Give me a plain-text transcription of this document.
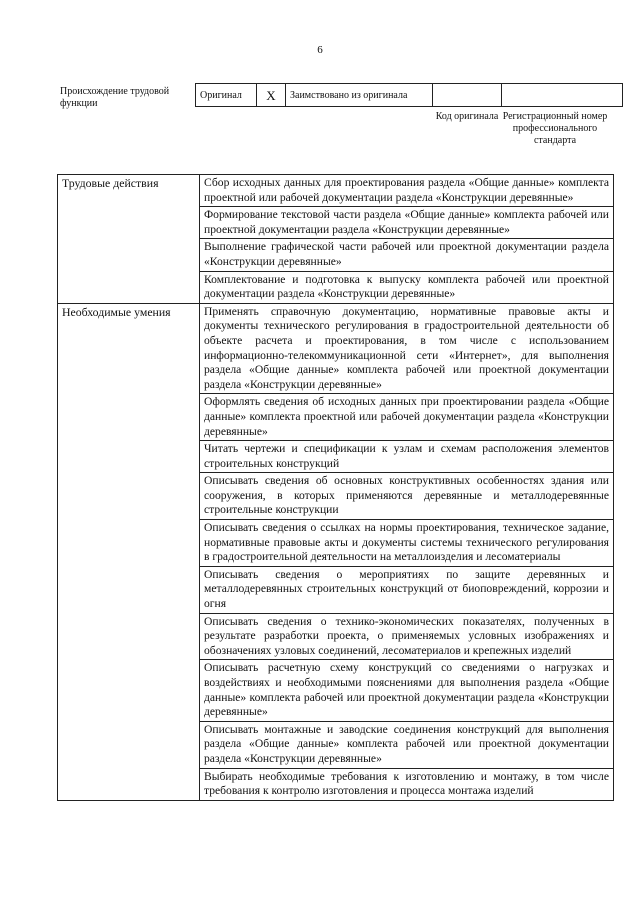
6
Происхождение трудовой функции
Оригинал	X	Заимствовано из оригинала		
Код оригинала Регистрационный номер профессионального стандарта
Трудовые действия	Сбор исходных данных для проектирования раздела «Общие данные» комплекта проектной или рабочей документации раздела «Конструкции деревянные»
	Формирование текстовой части раздела «Общие данные» комплекта рабочей или проектной документации раздела «Конструкции деревянные»
	Выполнение графической части рабочей или проектной документации раздела «Конструкции деревянные»
	Комплектование и подготовка к выпуску комплекта рабочей или проектной документации раздела «Конструкции деревянные»
Необходимые умения	Применять справочную документацию, нормативные правовые акты и документы технического регулирования в градостроительной деятельности об объекте расчета и проектирования, в том числе с использованием информационно-телекоммуникационной сети «Интернет», для выполнения раздела «Общие данные» комплекта рабочей или проектной документации раздела «Конструкции деревянные»
	Оформлять сведения об исходных данных при проектировании раздела «Общие данные» комплекта проектной или рабочей документации раздела «Конструкции деревянные»
	Читать чертежи и спецификации к узлам и схемам расположения элементов строительных конструкций
	Описывать сведения об основных конструктивных особенностях здания или сооружения, в которых применяются деревянные и металлодеревянные строительные конструкции
	Описывать сведения о ссылках на нормы проектирования, техническое задание, нормативные правовые акты и документы системы технического регулирования в градостроительной деятельности на металлоизделия и лесоматериалы
	Описывать сведения о мероприятиях по защите деревянных и металлодеревянных строительных конструкций от биоповреждений, коррозии и огня
	Описывать сведения о технико-экономических показателях, полученных в результате разработки проекта, о применяемых условных изображениях и обозначениях узловых соединений, лесоматериалов и крепежных изделий
	Описывать расчетную схему конструкций со сведениями о нагрузках и воздействиях и необходимыми пояснениями для выполнения раздела «Общие данные» комплекта рабочей или проектной документации раздела «Конструкции деревянные»
	Описывать монтажные и заводские соединения конструкций для выполнения раздела «Общие данные» комплекта рабочей или проектной документации раздела «Конструкции деревянные»
	Выбирать необходимые требования к изготовлению и монтажу, в том числе требования к контролю изготовления и процесса монтажа изделий
